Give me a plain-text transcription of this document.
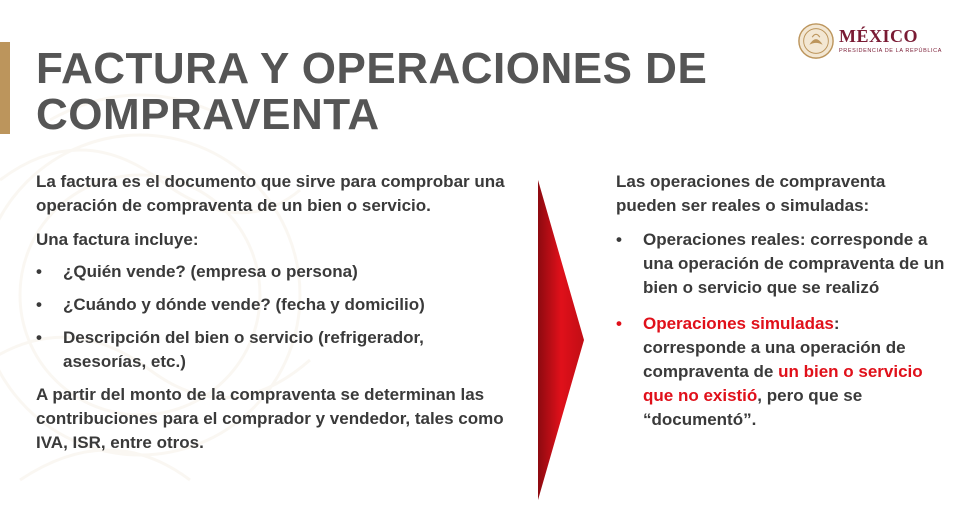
FACTURA Y OPERACIONES DE
COMPRAVENTA
MÉXICO
PRESIDENCIA DE LA REPÚBLICA

La factura es el documento que sirve para comprobar una operación de compraventa de un bien o servicio.

Una factura incluye:

• ¿Quién vende? (empresa o persona)
• ¿Cuándo y dónde vende? (fecha y domicilio)
• Descripción del bien o servicio (refrigerador, asesorías, etc.)

A partir del monto de la compraventa se determinan las contribuciones para el comprador y vendedor, tales como IVA, ISR, entre otros.

Las operaciones de compraventa pueden ser reales o simuladas:

• Operaciones reales: corresponde a una operación de compraventa de un bien o servicio que se realizó
• Operaciones simuladas: corresponde a una operación de compraventa de un bien o servicio que no existió, pero que se “documentó”.
